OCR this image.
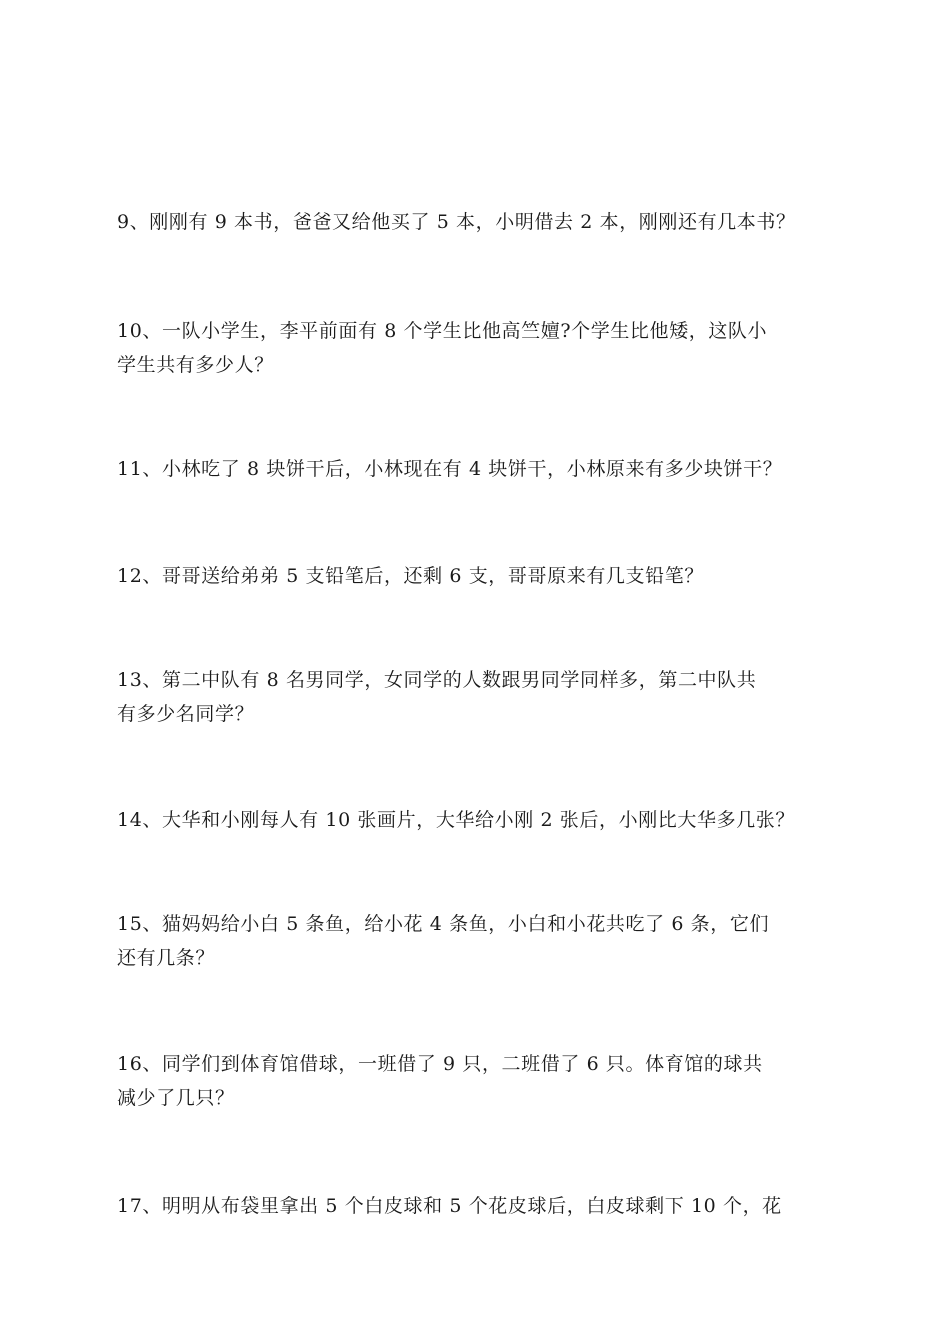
9、刚刚有 9 本书，爸爸又给他买了 5 本，小明借去 2 本，刚刚还有几本书？

10、一队小学生，李平前面有 8 个学生比他高竺嬗?个学生比他矮，这队小
学生共有多少人？

11、小林吃了 8 块饼干后，小林现在有 4 块饼干，小林原来有多少块饼干？

12、哥哥送给弟弟 5 支铅笔后，还剩 6 支，哥哥原来有几支铅笔？

13、第二中队有 8 名男同学，女同学的人数跟男同学同样多，第二中队共
有多少名同学？

14、大华和小刚每人有 10 张画片，大华给小刚 2 张后，小刚比大华多几张？

15、猫妈妈给小白 5 条鱼，给小花 4 条鱼，小白和小花共吃了 6 条，它们
还有几条？

16、同学们到体育馆借球，一班借了 9 只，二班借了 6 只。体育馆的球共
减少了几只？

17、明明从布袋里拿出 5 个白皮球和 5 个花皮球后，白皮球剩下 10 个，花
